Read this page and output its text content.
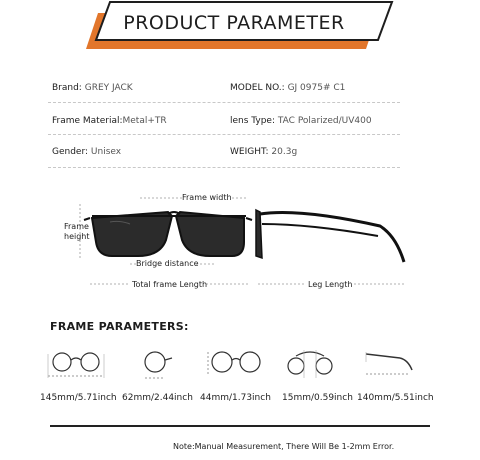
PRODUCT PARAMETER
Brand: GREY JACK	MODEL NO.: GJ 0975# C1
Frame Material:Metal+TR	lens Type: TAC Polarized/UV400
Gender: Unisex	WEIGHT: 20.3g
Frame width
Frame
height
Bridge distance
Total frame Length	Leg Length
FRAME PARAMETERS:
145mm/5.71inch 62mm/2.44inch 44mm/1.73inch 15mm/0.59inch 140mm/5.51inch
Note:Manual Measurement, There Will Be 1-2mm Error.
